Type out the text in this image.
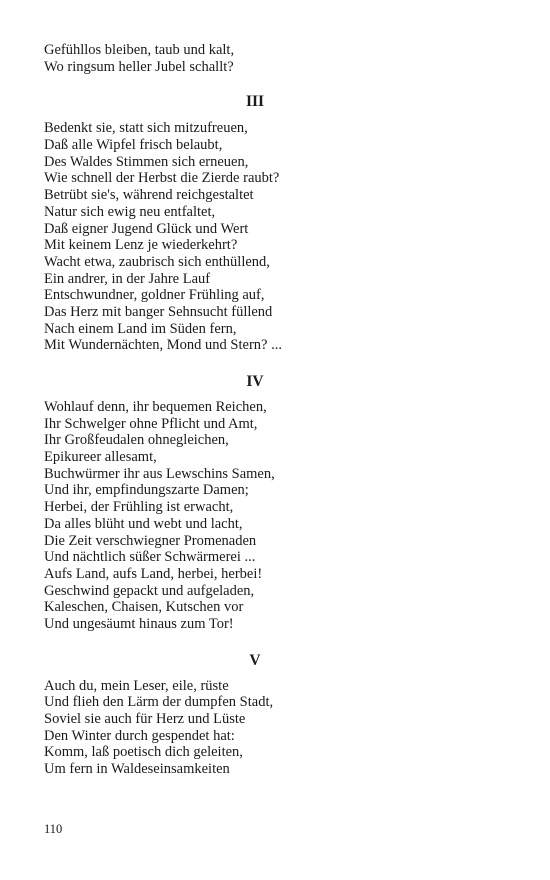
Gefühllos bleiben, taub und kalt,
Wo ringsum heller Jubel schallt?
III
Bedenkt sie, statt sich mitzufreuen,
Daß alle Wipfel frisch belaubt,
Des Waldes Stimmen sich erneuen,
Wie schnell der Herbst die Zierde raubt?
Betrübt sie's, während reichgestaltet
Natur sich ewig neu entfaltet,
Daß eigner Jugend Glück und Wert
Mit keinem Lenz je wiederkehrt?
Wacht etwa, zaubrisch sich enthüllend,
Ein andrer, in der Jahre Lauf
Entschwundner, goldner Frühling auf,
Das Herz mit banger Sehnsucht füllend
Nach einem Land im Süden fern,
Mit Wundernächten, Mond und Stern? ...
IV
Wohlauf denn, ihr bequemen Reichen,
Ihr Schwelger ohne Pflicht und Amt,
Ihr Großfeudalen ohnegleichen,
Epikureer allesamt,
Buchwürmer ihr aus Lewschins Samen,
Und ihr, empfindungszarte Damen;
Herbei, der Frühling ist erwacht,
Da alles blüht und webt und lacht,
Die Zeit verschwiegner Promenaden
Und nächtlich süßer Schwärmerei ...
Aufs Land, aufs Land, herbei, herbei!
Geschwind gepackt und aufgeladen,
Kaleschen, Chaisen, Kutschen vor
Und ungesäumt hinaus zum Tor!
V
Auch du, mein Leser, eile, rüste
Und flieh den Lärm der dumpfen Stadt,
Soviel sie auch für Herz und Lüste
Den Winter durch gespendet hat:
Komm, laß poetisch dich geleiten,
Um fern in Waldeseinsamkeiten
110
